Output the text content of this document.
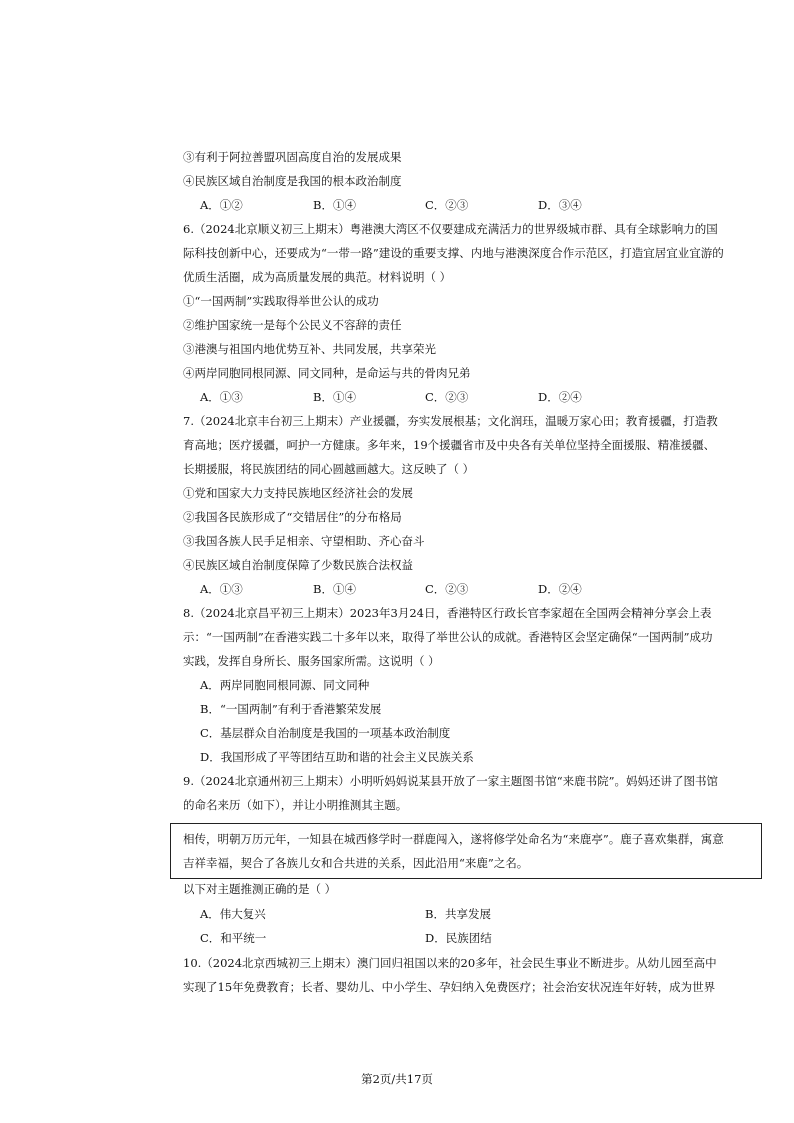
③有利于阿拉善盟巩固高度自治的发展成果
④民族区域自治制度是我国的根本政治制度
A．①②	B．①④	C．②③	D．③④
6.（2024北京顺义初三上期末）粤港澳大湾区不仅要建成充满活力的世界级城市群、具有全球影响力的国
际科技创新中心，还要成为“一带一路”建设的重要支撑、内地与港澳深度合作示范区，打造宜居宜业宜游的
优质生活圈，成为高质量发展的典范。材料说明（ ）
①“一国两制”实践取得举世公认的成功
②维护国家统一是每个公民义不容辞的责任
③港澳与祖国内地优势互补、共同发展，共享荣光
④两岸同胞同根同源、同文同种，是命运与共的骨肉兄弟
A．①③	B．①④	C．②③	D．②④
7.（2024北京丰台初三上期末）产业援疆，夯实发展根基；文化润珏，温暖万家心田；教育援疆，打造教
育高地；医疗援疆，呵护一方健康。多年来，19个援疆省市及中央各有关单位坚持全面援服、精准援疆、
长期援服，将民族团结的同心圆越画越大。这反映了（ ）
①党和国家大力支持民族地区经济社会的发展
②我国各民族形成了“交错居住”的分布格局
③我国各族人民手足相亲、守望相助、齐心奋斗
④民族区域自治制度保障了少数民族合法权益
A．①③	B．①④	C．②③	D．②④
8.（2024北京昌平初三上期末）2023年3月24日，香港特区行政长官李家超在全国两会精神分享会上表
示：“一国两制”在香港实践二十多年以来，取得了举世公认的成就。香港特区会坚定确保“一国两制”成功
实践，发挥自身所长、服务国家所需。这说明（ ）
A．两岸同胞同根同源、同文同种
B．“一国两制”有利于香港繁荣发展
C．基层群众自治制度是我国的一项基本政治制度
D．我国形成了平等团结互助和谐的社会主义民族关系
9.（2024北京通州初三上期末）小明听妈妈说某县开放了一家主题图书馆“来鹿书院”。妈妈还讲了图书馆
的命名来历（如下），并让小明推测其主题。
相传，明朝万历元年，一知县在城西修学时一群鹿闯入，遂将修学处命名为“来鹿亭”。鹿子喜欢集群，寓意
吉祥幸福，契合了各族儿女和合共进的关系，因此沿用“来鹿”之名。
以下对主题推测正确的是（ ）
A．伟大复兴	B．共享发展
C．和平统一	D．民族团结
10.（2024北京西城初三上期末）澳门回归祖国以来的20多年，社会民生事业不断进步。从幼儿园至高中
实现了15年免费教育；长者、婴幼儿、中小学生、孕妇纳入免费医疗；社会治安状况连年好转，成为世界
第2页/共17页
